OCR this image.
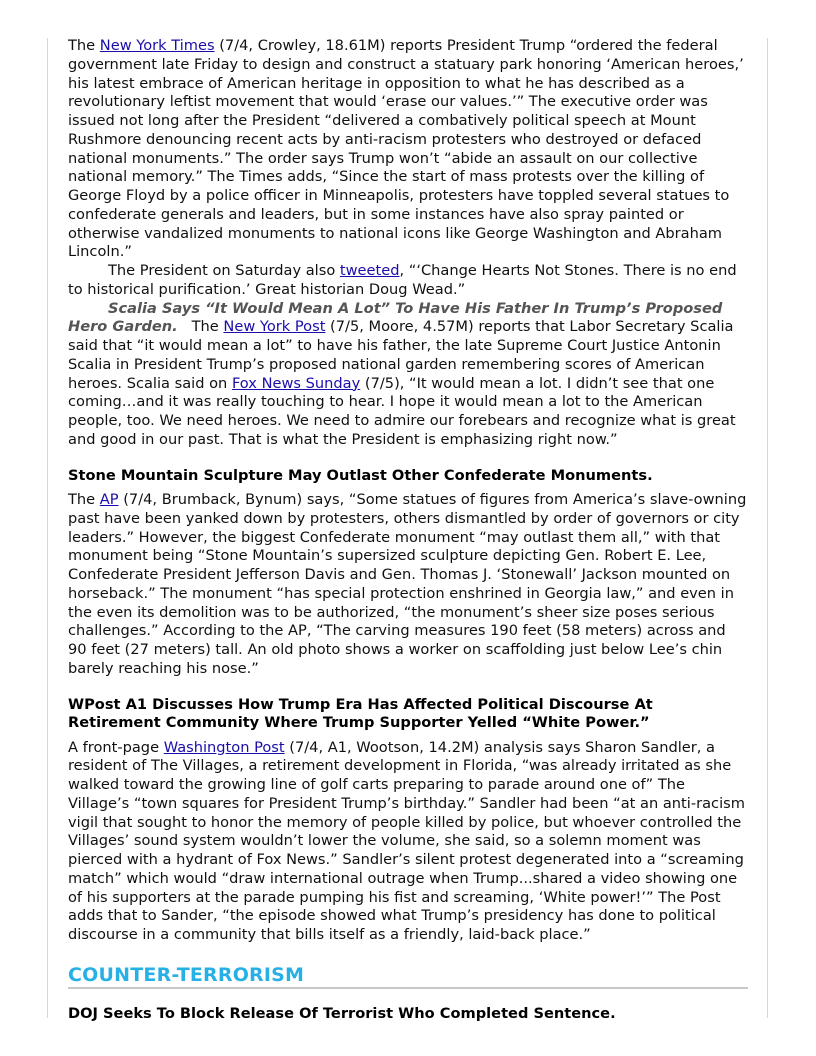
The New York Times (7/4, Crowley, 18.61M) reports President Trump “ordered the federal government late Friday to design and construct a statuary park honoring ‘American heroes,’ his latest embrace of American heritage in opposition to what he has described as a revolutionary leftist movement that would ‘erase our values.’” The executive order was issued not long after the President “delivered a combatively political speech at Mount Rushmore denouncing recent acts by anti-racism protesters who destroyed or defaced national monuments.” The order says Trump won’t “abide an assault on our collective national memory.” The Times adds, “Since the start of mass protests over the killing of George Floyd by a police officer in Minneapolis, protesters have toppled several statues to confederate generals and leaders, but in some instances have also spray painted or otherwise vandalized monuments to national icons like George Washington and Abraham Lincoln.”

The President on Saturday also tweeted, “‘Change Hearts Not Stones. There is no end to historical purification.’ Great historian Doug Wead.”

Scalia Says “It Would Mean A Lot” To Have His Father In Trump’s Proposed Hero Garden.   The New York Post (7/5, Moore, 4.57M) reports that Labor Secretary Scalia said that “it would mean a lot” to have his father, the late Supreme Court Justice Antonin Scalia in President Trump’s proposed national garden remembering scores of American heroes. Scalia said on Fox News Sunday (7/5), “It would mean a lot. I didn’t see that one coming…and it was really touching to hear. I hope it would mean a lot to the American people, too. We need heroes. We need to admire our forebears and recognize what is great and good in our past. That is what the President is emphasizing right now.”

Stone Mountain Sculpture May Outlast Other Confederate Monuments.

The AP (7/4, Brumback, Bynum) says, “Some statues of figures from America’s slave-owning past have been yanked down by protesters, others dismantled by order of governors or city leaders.” However, the biggest Confederate monument “may outlast them all,” with that monument being “Stone Mountain’s supersized sculpture depicting Gen. Robert E. Lee, Confederate President Jefferson Davis and Gen. Thomas J. ‘Stonewall’ Jackson mounted on horseback.” The monument “has special protection enshrined in Georgia law,” and even in the even its demolition was to be authorized, “the monument’s sheer size poses serious challenges.” According to the AP, “The carving measures 190 feet (58 meters) across and 90 feet (27 meters) tall. An old photo shows a worker on scaffolding just below Lee’s chin barely reaching his nose.”

WPost A1 Discusses How Trump Era Has Affected Political Discourse At Retirement Community Where Trump Supporter Yelled “White Power.”

A front-page Washington Post (7/4, A1, Wootson, 14.2M) analysis says Sharon Sandler, a resident of The Villages, a retirement development in Florida, “was already irritated as she walked toward the growing line of golf carts preparing to parade around one of” The Village’s “town squares for President Trump’s birthday.” Sandler had been “at an anti-racism vigil that sought to honor the memory of people killed by police, but whoever controlled the Villages’ sound system wouldn’t lower the volume, she said, so a solemn moment was pierced with a hydrant of Fox News.” Sandler’s silent protest degenerated into a “screaming match” which would “draw international outrage when Trump...shared a video showing one of his supporters at the parade pumping his fist and screaming, ‘White power!’” The Post adds that to Sander, “the episode showed what Trump’s presidency has done to political discourse in a community that bills itself as a friendly, laid-back place.”

COUNTER-TERRORISM
DOJ Seeks To Block Release Of Terrorist Who Completed Sentence.
